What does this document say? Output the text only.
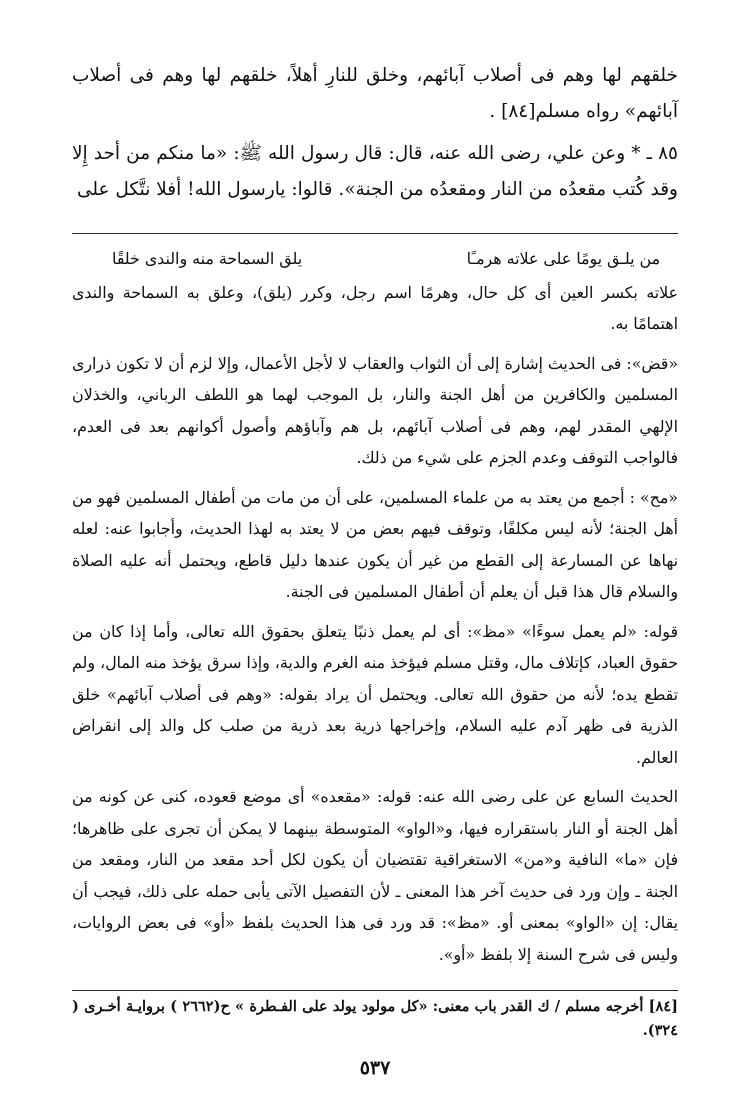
خلقهم لها وهم فى أصلاب آبائهم، وخلق للنارِ أهلاً، خلقهم لها وهم فى أصلاب آبائهم» رواه مسلم[٨٤] .

٨٥ ـ * وعن علي، رضى الله عنه، قال: قال رسول الله ﷺ: «ما منكم من أحد إِلا وقد كُتب مقعدُه من النار ومقعدُه من الجنة». قالوا: يارسول الله! أفلا نتَّكل على

من يلـق يومًا على علاته هرمـًا
يلق السماحة منه والندى خلقًا

علاته بكسر العين أى كل حال، وهرمًا اسم رجل، وكرر (يلق)، وعلق به السماحة والندى اهتمامًا به.

«قض»: فى الحديث إشارة إلى أن الثواب والعقاب لا لأجل الأعمال، وإلا لزم أن لا تكون ذرارى المسلمين والكافرين من أهل الجنة والنار، بل الموجب لهما هو اللطف الرباني، والخذلان الإلهي المقدر لهم، وهم فى أصلاب آبائهم، بل هم وآباؤهم وأصول أكوانهم بعد فى العدم، فالواجب التوقف وعدم الجزم على شيء من ذلك.

«مح» : أجمع من يعتد به من علماء المسلمين، على أن من مات من أطفال المسلمين فهو من أهل الجنة؛ لأنه ليس مكلفًا، وتوقف فيهم بعض من لا يعتد به لهذا الحديث، وأجابوا عنه: لعله نهاها عن المسارعة إلى القطع من غير أن يكون عندها دليل قاطع، ويحتمل أنه عليه الصلاة والسلام قال هذا قبل أن يعلم أن أطفال المسلمين فى الجنة.

قوله: «لم يعمل سوءًا» «مظ»: أى لم يعمل ذنبًا يتعلق بحقوق الله تعالى، وأما إذا كان من حقوق العباد، كإتلاف مال، وقتل مسلم فيؤخذ منه الغرم والدية، وإذا سرق يؤخذ منه المال، ولم تقطع يده؛ لأنه من حقوق الله تعالى. ويحتمل أن يراد بقوله: «وهم فى أصلاب آبائهم» خلق الذرية فى ظهر آدم عليه السلام، وإخراجها ذرية بعد ذرية من صلب كل والد إلى انقراض العالم.

الحديث السابع عن على رضى الله عنه: قوله: «مقعده» أى موضع قعوده، كنى عن كونه من أهل الجنة أو النار باستقراره فيها، و«الواو» المتوسطة بينهما لا يمكن أن تجرى على ظاهرها؛ فإن «ما» النافية و«من» الاستغراقية تقتضيان أن يكون لكل أحد مقعد من النار، ومقعد من الجنة ـ وإن ورد فى حديث آخر هذا المعنى ـ لأن التفصيل الآتى يأبى حمله على ذلك، فيجب أن يقال: إن «الواو» بمعنى أو. «مظ»: قد ورد فى هذا الحديث بلفظ «أو» فى بعض الروايات، وليس فى شرح السنة إلا بلفظ «أو».

[٨٤] أخرجه مسلم / ك القدر باب معنى: «كل مولود يولد على الفـطرة » ح(٢٦٦٢ ) بروايـة أخـرى ( ٣٢٤).
٥٣٧
